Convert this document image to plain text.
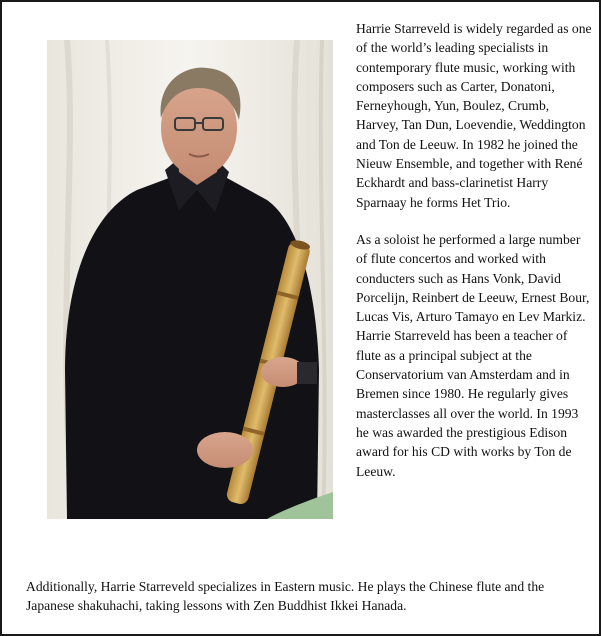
Harrie Starreveld is widely regarded as one of the world’s leading specialists in contemporary flute music, working with composers such as Carter, Donatoni, Ferneyhough, Yun, Boulez, Crumb, Harvey, Tan Dun, Loevendie, Weddington and Ton de Leeuw. In 1982 he joined the Nieuw Ensemble, and together with René Eckhardt and bass-clarinetist Harry Sparnaay he forms Het Trio.

As a soloist he performed a large number of flute concertos and worked with conducters such as Hans Vonk, David Porcelijn, Reinbert de Leeuw, Ernest Bour, Lucas Vis, Arturo Tamayo en Lev Markiz. Harrie Starreveld has been a teacher of flute as a principal subject at the Conservatorium van Amsterdam and in Bremen since 1980. He regularly gives masterclasses all over the world. In 1993 he was awarded the prestigious Edison award for his CD with works by Ton de Leeuw.

Additionally, Harrie Starreveld specializes in Eastern music. He plays the Chinese flute and the Japanese shakuhachi, taking lessons with Zen Buddhist Ikkei Hanada.
